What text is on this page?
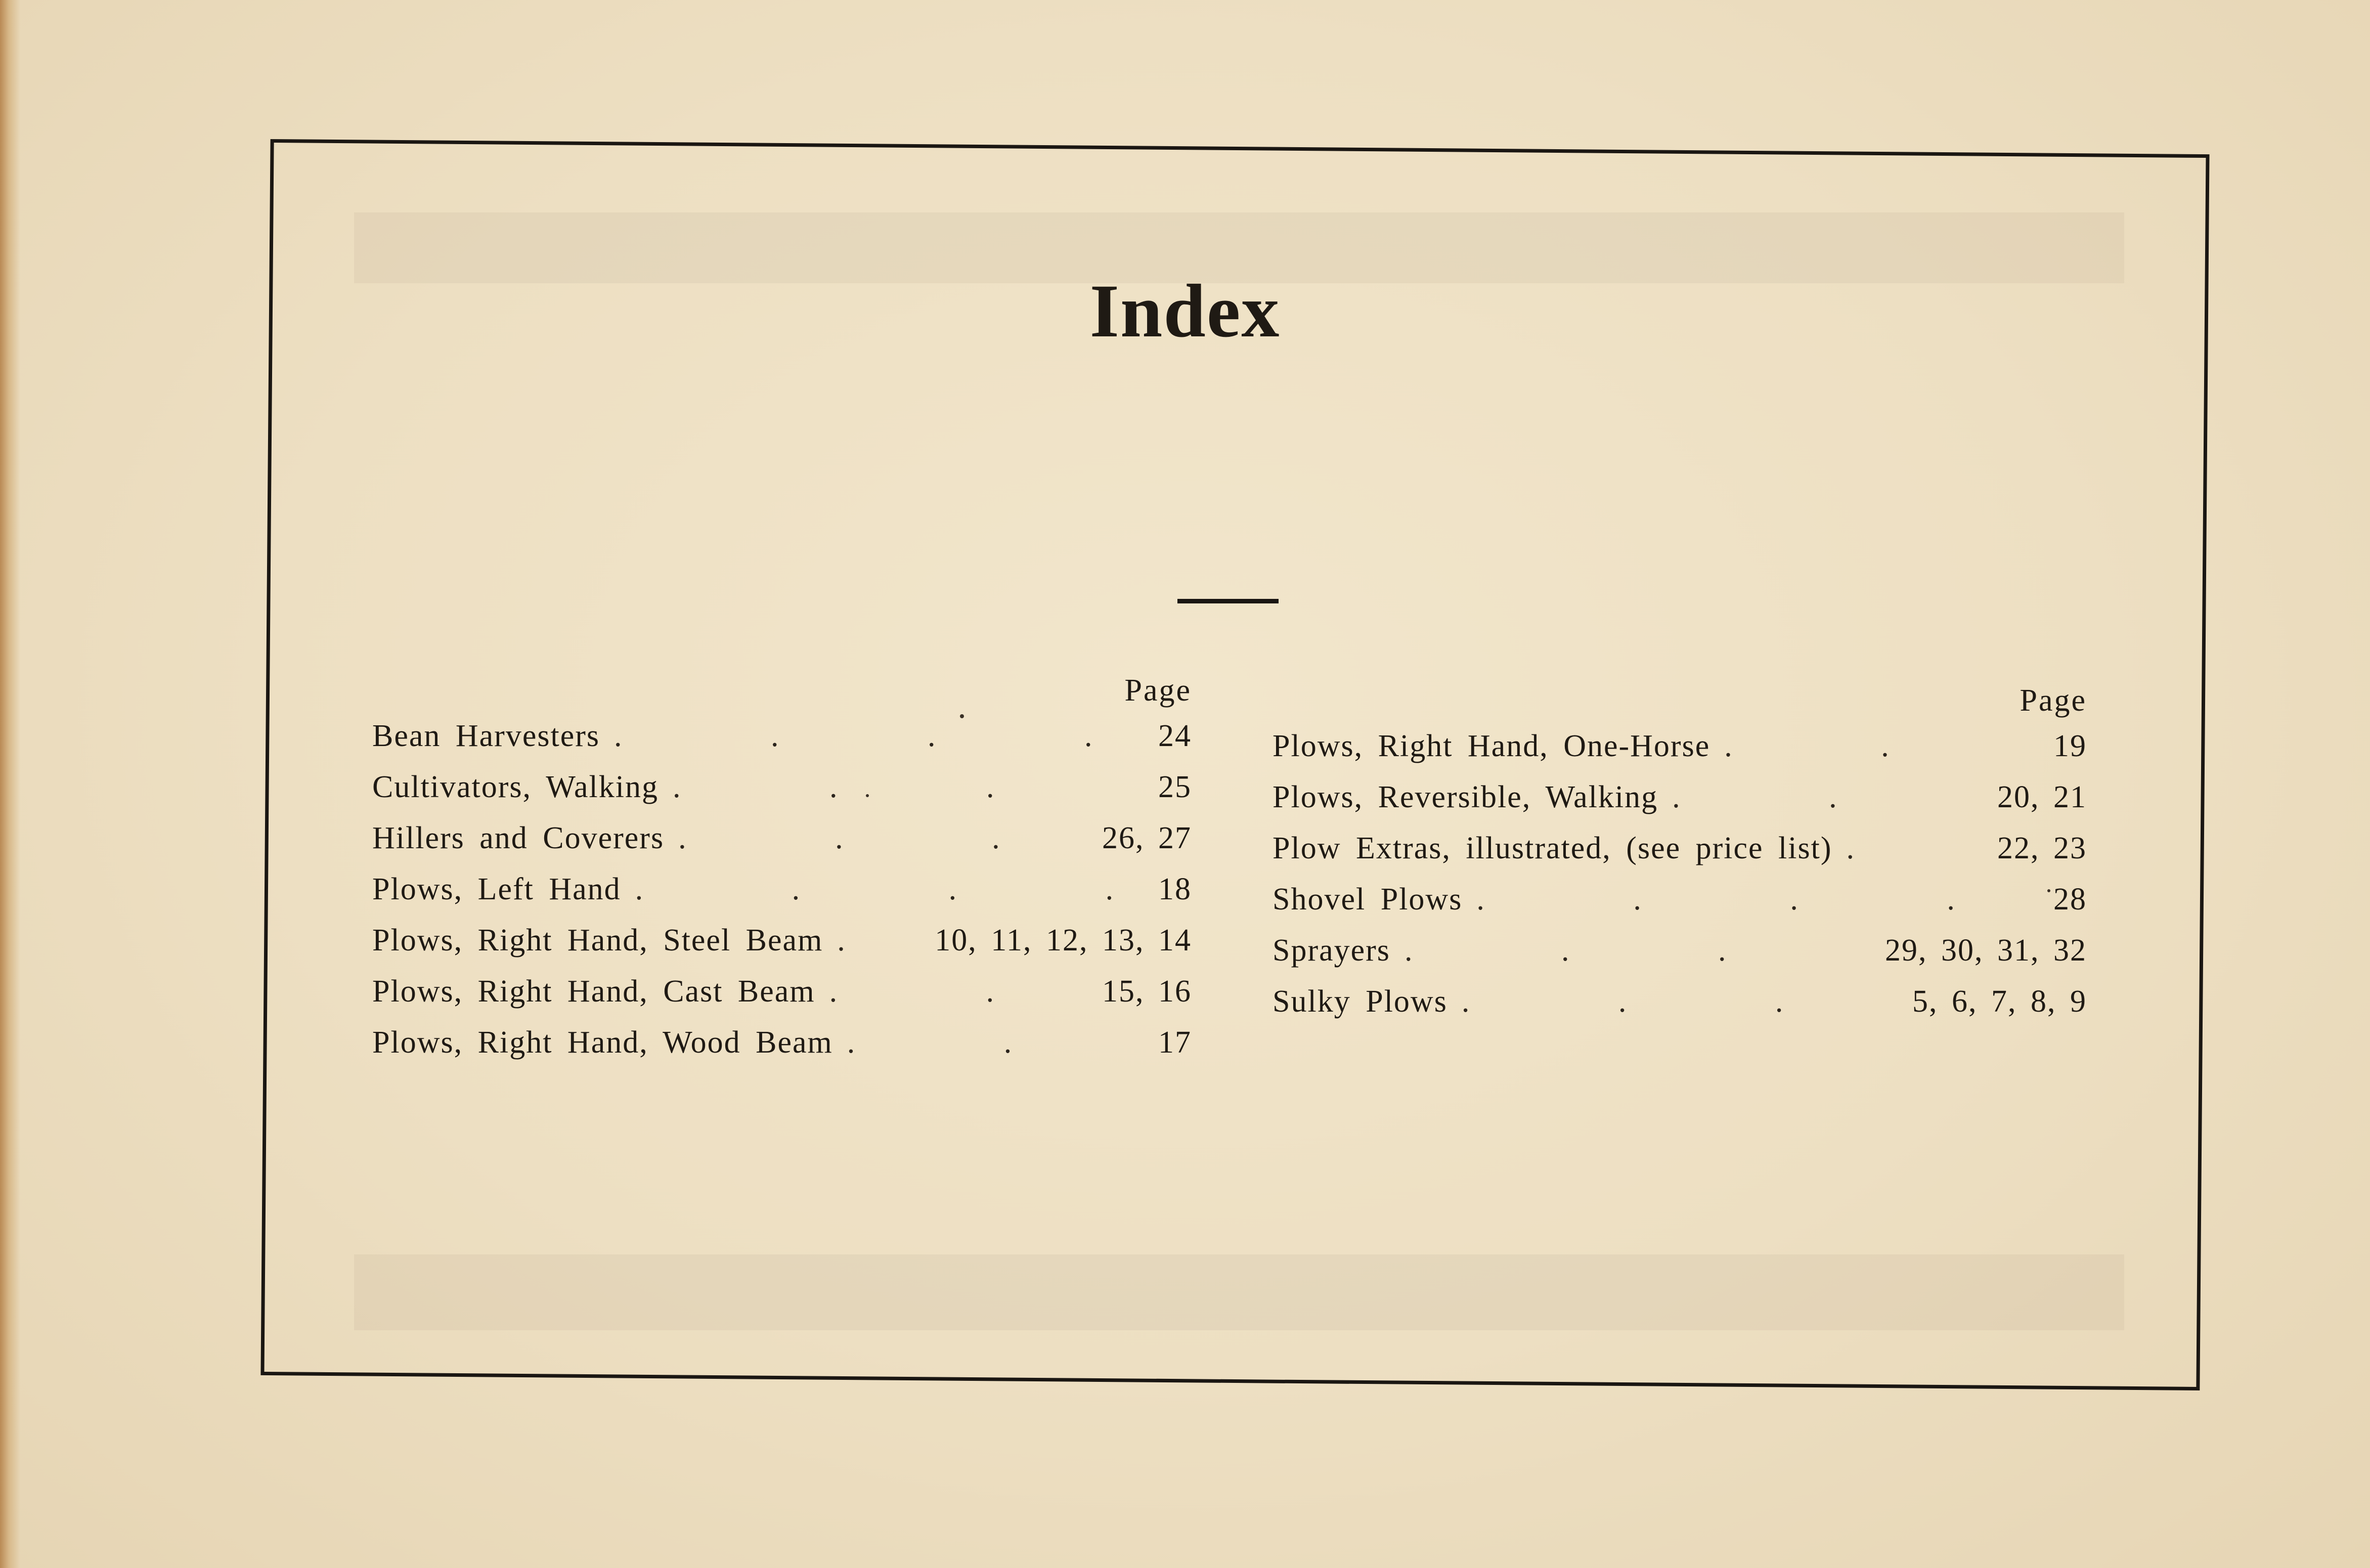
Index
Page
Bean Harvesters .	24
Cultivators, Walking .	25
Hillers and Coverers .	26, 27
Plows, Left Hand .	18
Plows, Right Hand, Steel Beam .	10, 11, 12, 13, 14
Plows, Right Hand, Cast Beam .	15, 16
Plows, Right Hand, Wood Beam .	17
Page
Plows, Right Hand, One-Horse .	19
Plows, Reversible, Walking .	20, 21
Plow Extras, illustrated, (see price list) .	22, 23
Shovel Plows .	28
Sprayers .	29, 30, 31, 32
Sulky Plows .	5, 6, 7, 8, 9
